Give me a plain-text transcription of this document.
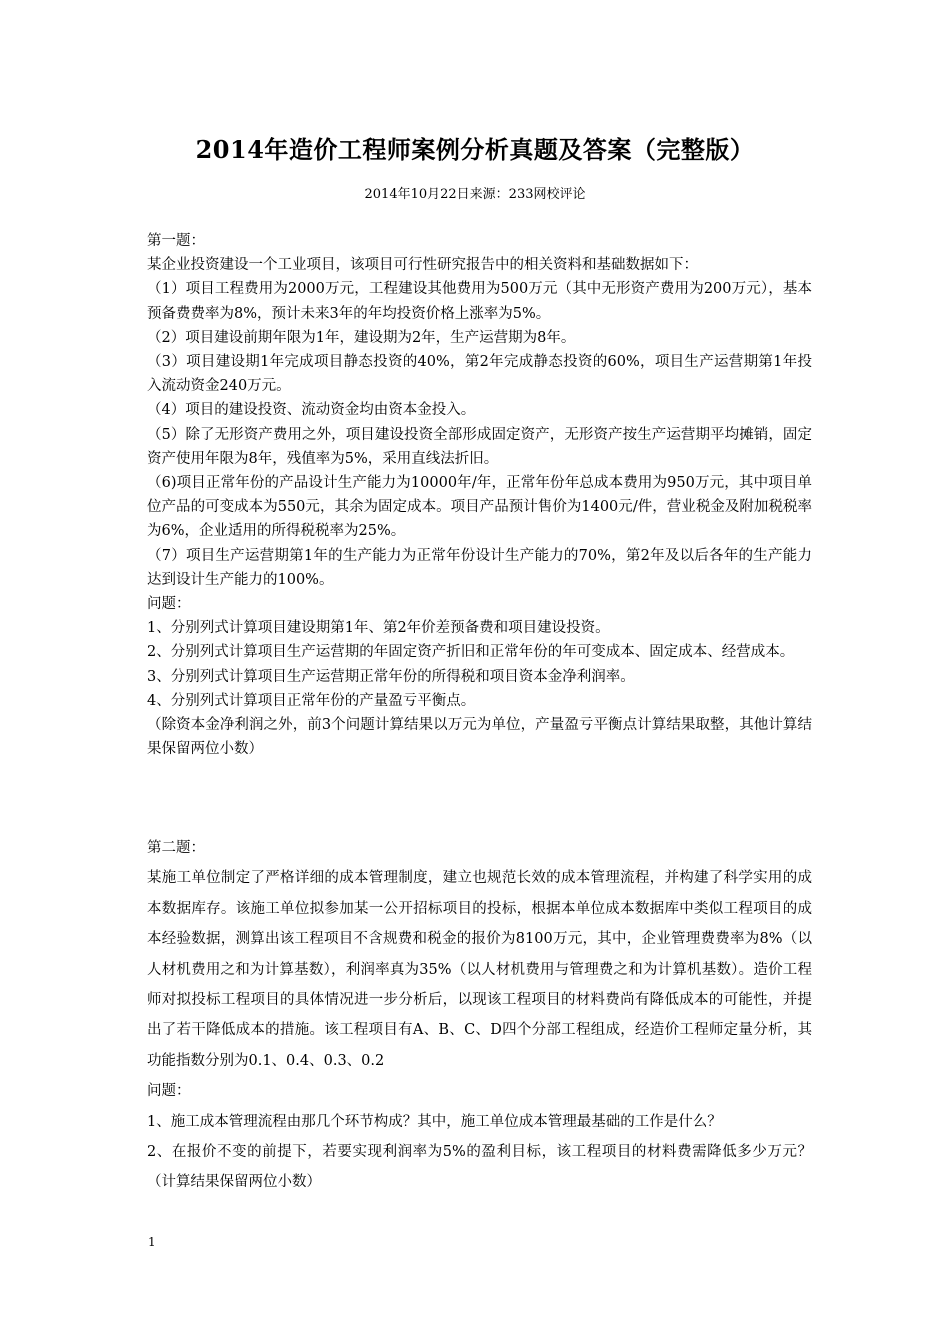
2014年造价工程师案例分析真题及答案（完整版）
2014年10月22日来源：233网校评论
第一题：
某企业投资建设一个工业项目，该项目可行性研究报告中的相关资料和基础数据如下：
（1）项目工程费用为2000万元，工程建设其他费用为500万元（其中无形资产费用为200万元），基本预备费费率为8%，预计未来3年的年均投资价格上涨率为5%。
（2）项目建设前期年限为1年，建设期为2年，生产运营期为8年。
（3）项目建设期1年完成项目静态投资的40%，第2年完成静态投资的60%，项目生产运营期第1年投入流动资金240万元。
（4）项目的建设投资、流动资金均由资本金投入。
（5）除了无形资产费用之外，项目建设投资全部形成固定资产，无形资产按生产运营期平均摊销，固定资产使用年限为8年，残值率为5%，采用直线法折旧。
（6)项目正常年份的产品设计生产能力为10000年/年，正常年份年总成本费用为950万元，其中项目单位产品的可变成本为550元，其余为固定成本。项目产品预计售价为1400元/件，营业税金及附加税税率为6%，企业适用的所得税税率为25%。
（7）项目生产运营期第1年的生产能力为正常年份设计生产能力的70%，第2年及以后各年的生产能力达到设计生产能力的100%。
问题：
1、分别列式计算项目建设期第1年、第2年价差预备费和项目建设投资。
2、分别列式计算项目生产运营期的年固定资产折旧和正常年份的年可变成本、固定成本、经营成本。
3、分别列式计算项目生产运营期正常年份的所得税和项目资本金净利润率。
4、分别列式计算项目正常年份的产量盈亏平衡点。
（除资本金净利润之外，前3个问题计算结果以万元为单位，产量盈亏平衡点计算结果取整，其他计算结果保留两位小数）
第二题：
某施工单位制定了严格详细的成本管理制度，建立也规范长效的成本管理流程，并构建了科学实用的成本数据库存。该施工单位拟参加某一公开招标项目的投标，根据本单位成本数据库中类似工程项目的成本经验数据，测算出该工程项目不含规费和税金的报价为8100万元，其中，企业管理费费率为8%（以人材机费用之和为计算基数），利润率真为35%（以人材机费用与管理费之和为计算机基数）。造价工程师对拟投标工程项目的具体情况进一步分析后，以现该工程项目的材料费尚有降低成本的可能性，并提出了若干降低成本的措施。该工程项目有A、B、C、D四个分部工程组成，经造价工程师定量分析，其功能指数分别为0.1、0.4、0.3、0.2
问题：
1、施工成本管理流程由那几个环节构成？其中，施工单位成本管理最基础的工作是什么？
2、在报价不变的前提下，若要实现利润率为5%的盈利目标，该工程项目的材料费需降低多少万元？（计算结果保留两位小数）
1
